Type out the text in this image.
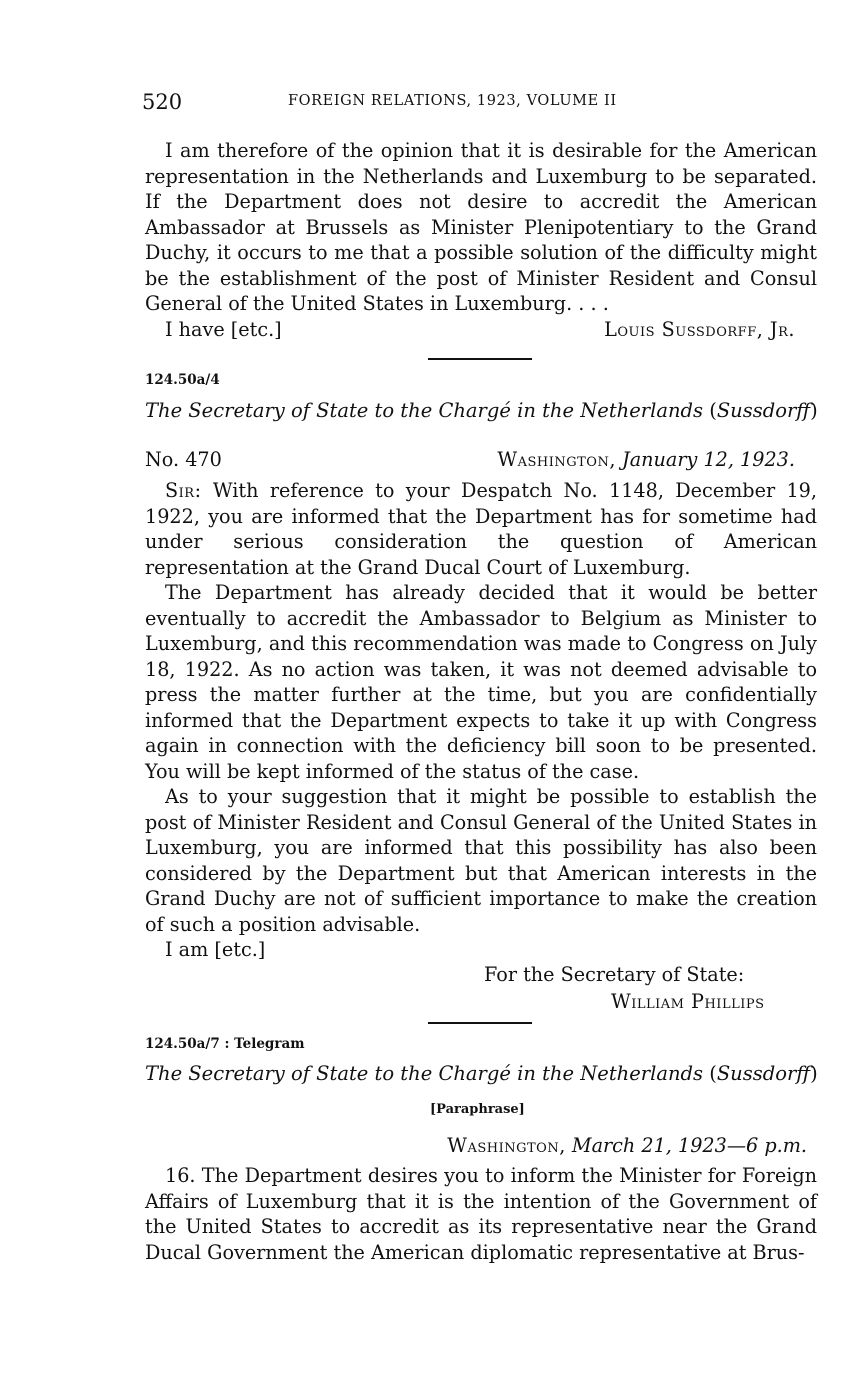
520	FOREIGN RELATIONS, 1923, VOLUME II

I am therefore of the opinion that it is desirable for the American representation in the Netherlands and Luxemburg to be separated. If the Department does not desire to accredit the American Ambassador at Brussels as Minister Plenipotentiary to the Grand Duchy, it occurs to me that a possible solution of the difficulty might be the establishment of the post of Minister Resident and Consul General of the United States in Luxemburg. . . .

I have [etc.]	Louis Sussdorff, Jr.
124.50a/4
The Secretary of State to the Chargé in the Netherlands (Sussdorff)
No. 470	Washington, January 12, 1923.

Sir: With reference to your Despatch No. 1148, December 19, 1922, you are informed that the Department has for sometime had under serious consideration the question of American representation at the Grand Ducal Court of Luxemburg.

The Department has already decided that it would be better eventually to accredit the Ambassador to Belgium as Minister to Luxemburg, and this recommendation was made to Congress on July 18, 1922. As no action was taken, it was not deemed advisable to press the matter further at the time, but you are confidentially informed that the Department expects to take it up with Congress again in connection with the deficiency bill soon to be presented. You will be kept informed of the status of the case.

As to your suggestion that it might be possible to establish the post of Minister Resident and Consul General of the United States in Luxemburg, you are informed that this possibility has also been considered by the Department but that American interests in the Grand Duchy are not of sufficient importance to make the creation of such a position advisable.

I am [etc.]
For the Secretary of State:
William Phillips
124.50a/7 : Telegram
The Secretary of State to the Chargé in the Netherlands (Sussdorff)
[Paraphrase]
Washington, March 21, 1923—6 p.m.

16. The Department desires you to inform the Minister for Foreign Affairs of Luxemburg that it is the intention of the Government of the United States to accredit as its representative near the Grand Ducal Government the American diplomatic representative at Brus-
